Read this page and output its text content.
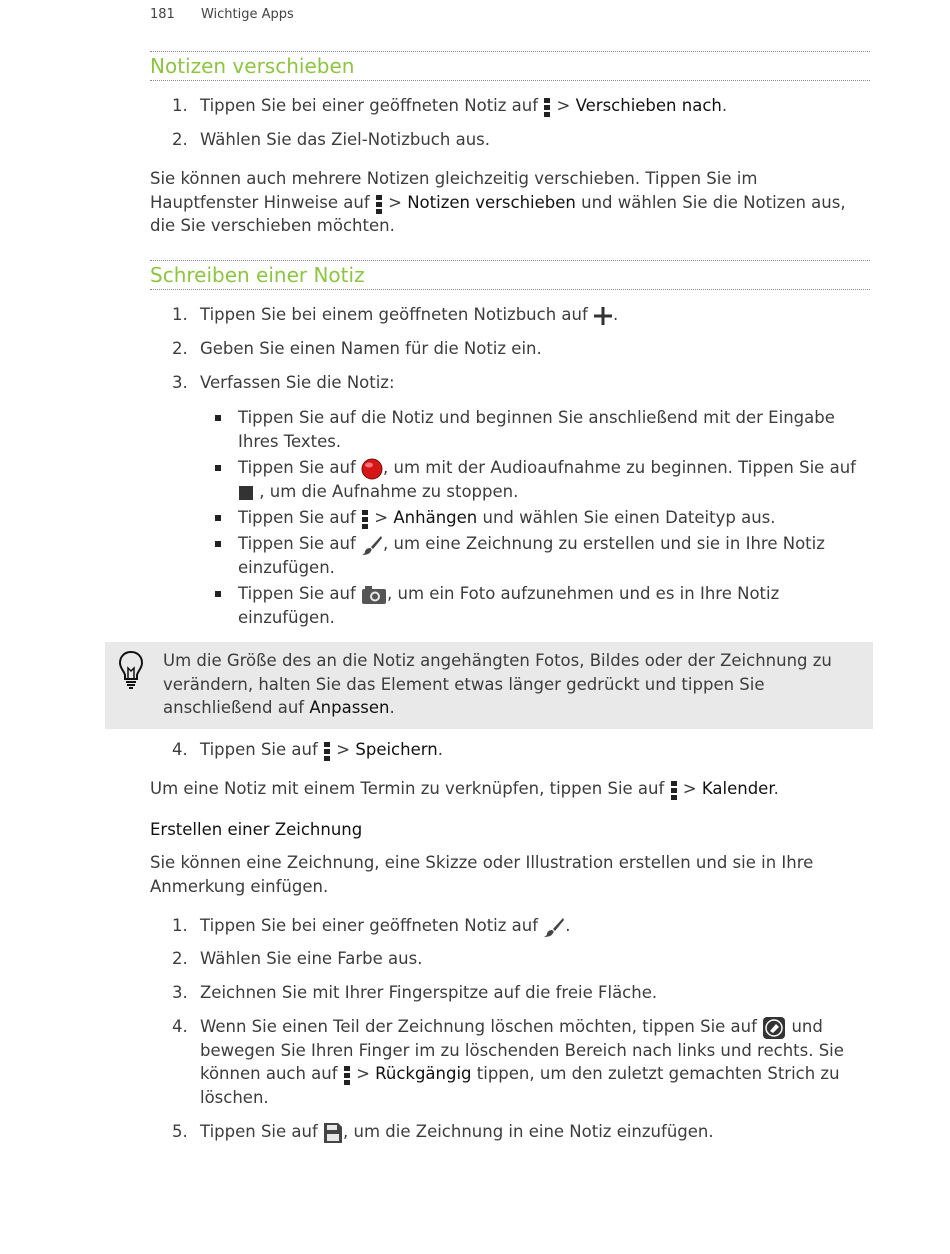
181 Wichtige Apps
Notizen verschieben
1. Tippen Sie bei einer geöffneten Notiz auf > Verschieben nach.
2. Wählen Sie das Ziel-Notizbuch aus.
Sie können auch mehrere Notizen gleichzeitig verschieben. Tippen Sie im
Hauptfenster Hinweise auf > Notizen verschieben und wählen Sie die Notizen aus,
die Sie verschieben möchten.
Schreiben einer Notiz
1. Tippen Sie bei einem geöffneten Notizbuch auf .
2. Geben Sie einen Namen für die Notiz ein.
3. Verfassen Sie die Notiz:
Tippen Sie auf die Notiz und beginnen Sie anschließend mit der Eingabe
Ihres Textes.
Tippen Sie auf , um mit der Audioaufnahme zu beginnen. Tippen Sie auf
, um die Aufnahme zu stoppen.
Tippen Sie auf > Anhängen und wählen Sie einen Dateityp aus.
Tippen Sie auf , um eine Zeichnung zu erstellen und sie in Ihre Notiz
einzufügen.
Tippen Sie auf , um ein Foto aufzunehmen und es in Ihre Notiz
einzufügen.
Um die Größe des an die Notiz angehängten Fotos, Bildes oder der Zeichnung zu
verändern, halten Sie das Element etwas länger gedrückt und tippen Sie
anschließend auf Anpassen.
4. Tippen Sie auf > Speichern.
Um eine Notiz mit einem Termin zu verknüpfen, tippen Sie auf > Kalender.
Erstellen einer Zeichnung
Sie können eine Zeichnung, eine Skizze oder Illustration erstellen und sie in Ihre
Anmerkung einfügen.
1. Tippen Sie bei einer geöffneten Notiz auf .
2. Wählen Sie eine Farbe aus.
3. Zeichnen Sie mit Ihrer Fingerspitze auf die freie Fläche.
4. Wenn Sie einen Teil der Zeichnung löschen möchten, tippen Sie auf und
bewegen Sie Ihren Finger im zu löschenden Bereich nach links und rechts. Sie
können auch auf > Rückgängig tippen, um den zuletzt gemachten Strich zu
löschen.
5. Tippen Sie auf , um die Zeichnung in eine Notiz einzufügen.
